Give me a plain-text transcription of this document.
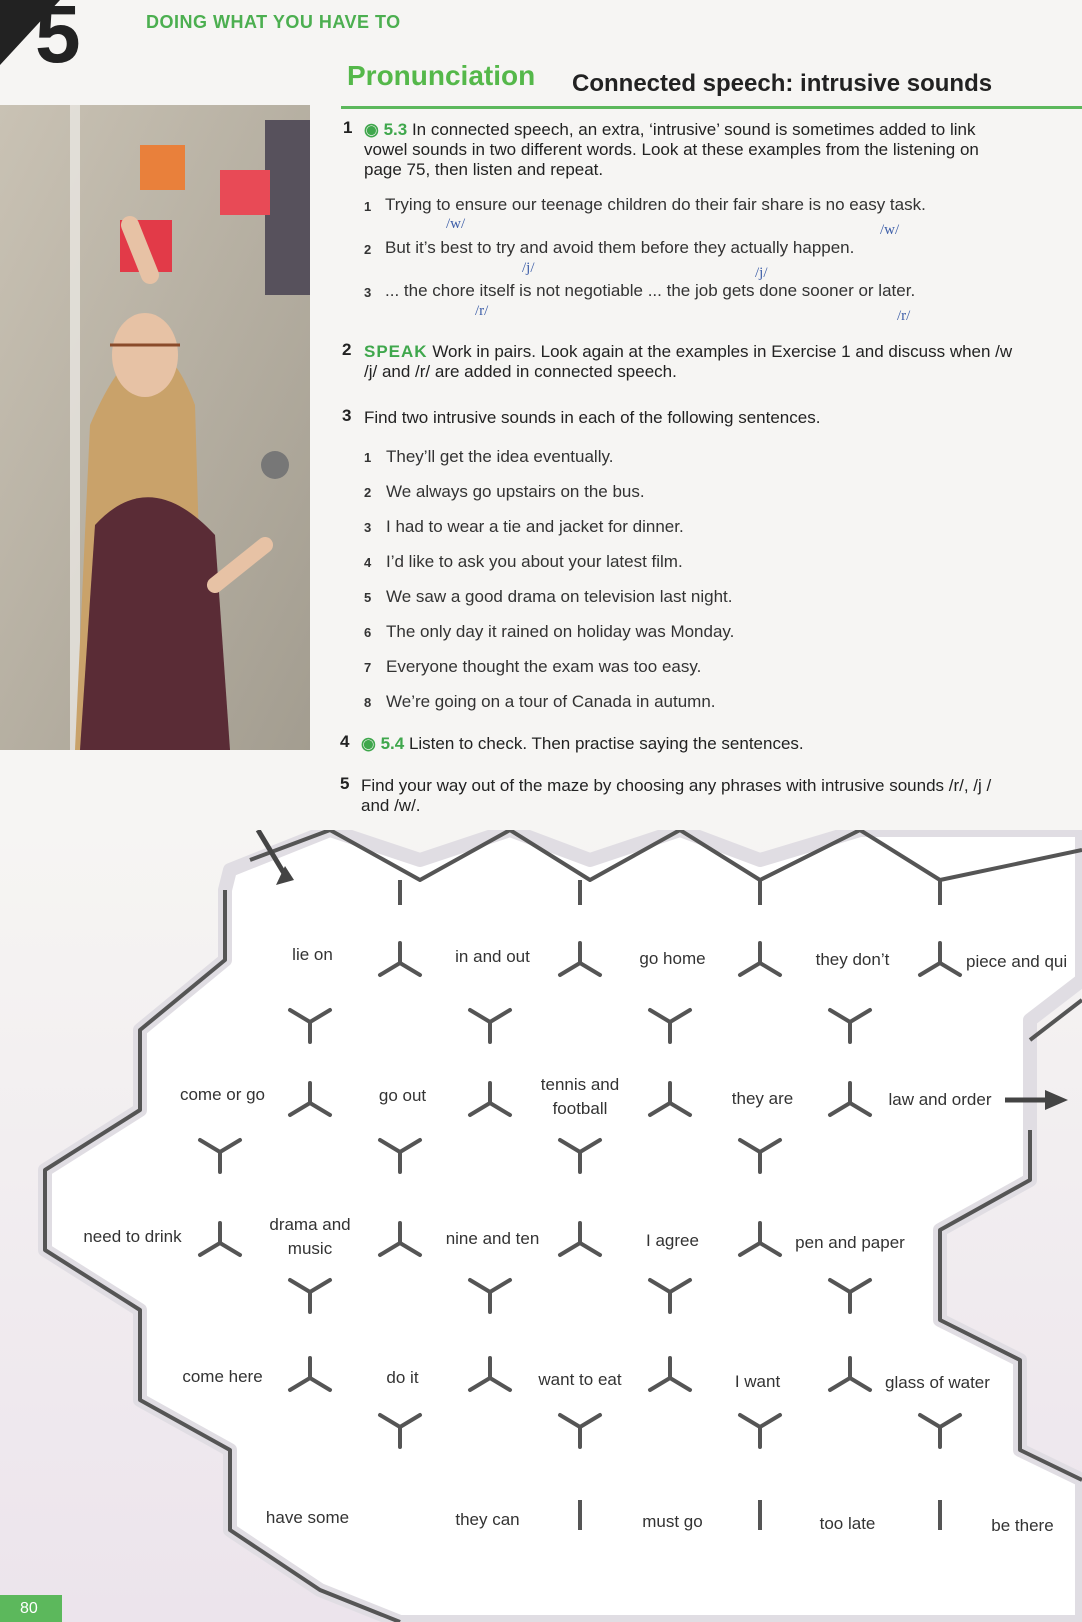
5	DOING WHAT YOU HAVE TO
Pronunciation Connected speech: intrusive sounds
1 ◉ 5.3 In connected speech, an extra, ‘intrusive’ sound is sometimes added to link
vowel sounds in two different words. Look at these examples from the listening on
page 75, then listen and repeat.
1 Trying to ensure our teenage children do their fair share is no easy task.
/w/	/w/
2 But it’s best to try and avoid them before they actually happen.
/j/	/j/
3 ... the chore itself is not negotiable ... the job gets done sooner or later.
/r/	/r/
2 SPEAK Work in pairs. Look again at the examples in Exercise 1 and discuss when /w
/j/ and /r/ are added in connected speech.
3 Find two intrusive sounds in each of the following sentences.
1 They’ll get the idea eventually.
2 We always go upstairs on the bus.
3 I had to wear a tie and jacket for dinner.
4 I’d like to ask you about your latest film.
5 We saw a good drama on television last night.
6 The only day it rained on holiday was Monday.
7 Everyone thought the exam was too easy.
8 We’re going on a tour of Canada in autumn.
4 ◉ 5.4 Listen to check. Then practise saying the sentences.
5 Find your way out of the maze by choosing any phrases with intrusive sounds /r/, /j /
and /w/.
lie on	in and out	go home	they don’t	piece and qui
come or go	go out
tennis and football
they are	law and order
need to drink
drama and music
nine and ten	I agree	pen and paper
come here	do it	want to eat	I want	glass of water
have some	they can	must go	too late	be there
80
